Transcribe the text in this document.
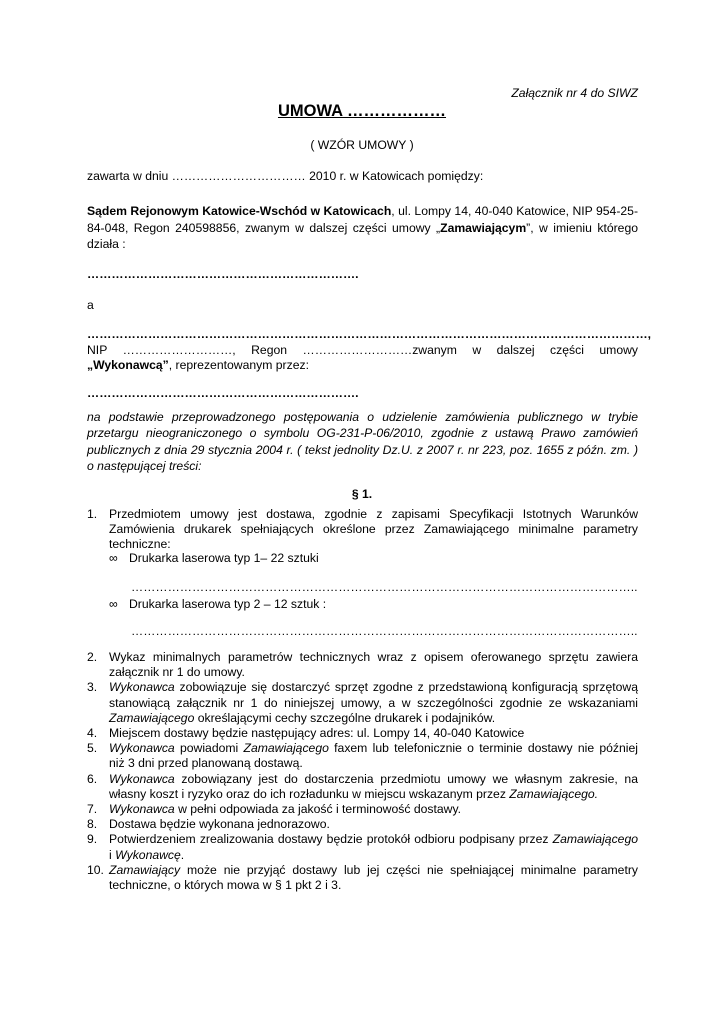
Załącznik nr 4 do SIWZ
UMOWA ………………
( WZÓR UMOWY )
zawarta w dniu …………………………… 2010 r. w Katowicach pomiędzy:
Sądem Rejonowym Katowice-Wschód w Katowicach, ul. Lompy 14, 40-040 Katowice, NIP 954-25-84-048, Regon 240598856, zwanym w dalszej części umowy „Zamawiającym”, w imieniu którego działa :
………………………………………………………….
a
…………………………………………………………………………………………………………………………, NIP ………………………, Regon ………………………zwanym w dalszej części umowy „Wykonawcą”, reprezentowanym przez:
………………………………………………………….
na podstawie przeprowadzonego postępowania o udzielenie zamówienia publicznego w trybie przetargu nieograniczonego o symbolu OG-231-P-06/2010, zgodnie z ustawą Prawo zamówień publicznych z dnia 29 stycznia 2004 r. ( tekst jednolity Dz.U. z 2007 r. nr 223, poz. 1655 z późn. zm. ) o następującej treści:
§ 1.
1. Przedmiotem umowy jest dostawa, zgodnie z zapisami Specyfikacji Istotnych Warunków Zamówienia drukarek spełniających określone przez Zamawiającego minimalne parametry techniczne:
∞ Drukarka laserowa typ 1– 22 sztuki
……………………………………………………………………………………………………………..
∞ Drukarka laserowa typ 2 – 12 sztuk :
……………………………………………………………………………………………………………..
2. Wykaz minimalnych parametrów technicznych wraz z opisem oferowanego sprzętu zawiera załącznik nr 1 do umowy.
3. Wykonawca zobowiązuje się dostarczyć sprzęt zgodne z przedstawioną konfiguracją sprzętową stanowiącą załącznik nr 1 do niniejszej umowy, a w szczególności zgodnie ze wskazaniami Zamawiającego określającymi cechy szczególne drukarek i podajników.
4. Miejscem dostawy będzie następujący adres: ul. Lompy 14, 40-040 Katowice
5. Wykonawca powiadomi Zamawiającego faxem lub telefonicznie o terminie dostawy nie później niż 3 dni przed planowaną dostawą.
6. Wykonawca zobowiązany jest do dostarczenia przedmiotu umowy we własnym zakresie, na własny koszt i ryzyko oraz do ich rozładunku w miejscu wskazanym przez Zamawiającego.
7. Wykonawca w pełni odpowiada za jakość i terminowość dostawy.
8. Dostawa będzie wykonana jednorazowo.
9. Potwierdzeniem zrealizowania dostawy będzie protokół odbioru podpisany przez Zamawiającego i Wykonawcę.
10. Zamawiający może nie przyjąć dostawy lub jej części nie spełniającej minimalne parametry techniczne, o których mowa w § 1 pkt 2 i 3.
